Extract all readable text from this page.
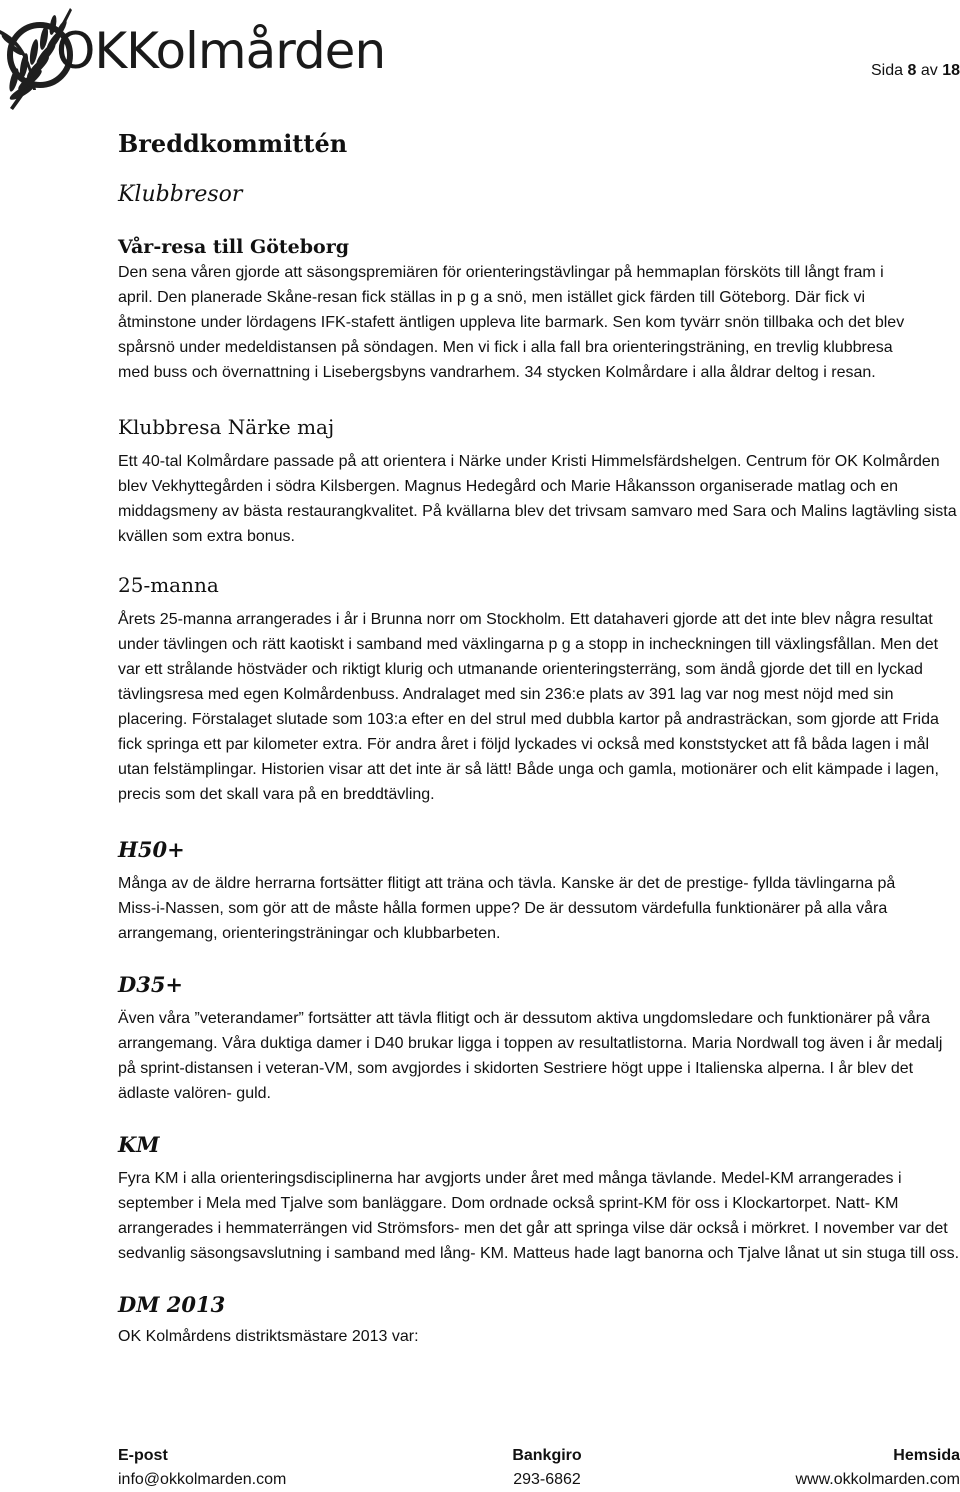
OKKolmården	Sida 8 av 18
Breddkommittén
Klubbresor
Vår-resa till Göteborg

Den sena våren gjorde att säsongspremiären för orienteringstävlingar på hemmaplan försköts till långt fram i april. Den planerade Skåne-resan fick ställas in p g a snö, men istället gick färden till Göteborg. Där fick vi åtminstone under lördagens IFK-stafett äntligen uppleva lite barmark. Sen kom tyvärr snön tillbaka och det blev spårsnö under medeldistansen på söndagen. Men vi fick i alla fall bra orienteringsträning, en trevlig klubbresa med buss och övernattning i Lisebergsbyns vandrarhem. 34 stycken Kolmårdare i alla åldrar deltog i resan.

Klubbresa Närke maj

Ett 40-tal Kolmårdare passade på att orientera i Närke under Kristi Himmelsfärdshelgen. Centrum för OK Kolmården blev Vekhyttegården i södra Kilsbergen. Magnus Hedegård och Marie Håkansson organiserade matlag och en middagsmeny av bästa restaurangkvalitet. På kvällarna blev det trivsam samvaro med Sara och Malins lagtävling sista kvällen som extra bonus.

25-manna

Årets 25-manna arrangerades i år i Brunna norr om Stockholm. Ett datahaveri gjorde att det inte blev några resultat under tävlingen och rätt kaotiskt i samband med växlingarna p g a stopp in incheckningen till växlingsfållan. Men det var ett strålande höstväder och riktigt klurig och utmanande orienteringsterräng, som ändå gjorde det till en lyckad tävlingsresa med egen Kolmårdenbuss. Andralaget med sin 236:e plats av 391 lag var nog mest nöjd med sin placering. Förstalaget slutade som 103:a efter en del strul med dubbla kartor på andrasträckan, som gjorde att Frida fick springa ett par kilometer extra. För andra året i följd lyckades vi också med konststycket att få båda lagen i mål utan felstämplingar. Historien visar att det inte är så lätt! Både unga och gamla, motionärer och elit kämpade i lagen, precis som det skall vara på en breddtävling.

H50+

Många av de äldre herrarna fortsätter flitigt att träna och tävla. Kanske är det de prestige- fyllda tävlingarna på Miss-i-Nassen, som gör att de måste hålla formen uppe? De är dessutom värdefulla funktionärer på alla våra arrangemang, orienteringsträningar och klubbarbeten.

D35+

Även våra ”veterandamer” fortsätter att tävla flitigt och är dessutom aktiva ungdomsledare och funktionärer på våra arrangemang. Våra duktiga damer i D40 brukar ligga i toppen av resultatlistorna. Maria Nordwall tog även i år medalj på sprint-distansen i veteran-VM, som avgjordes i skidorten Sestriere högt uppe i Italienska alperna. I år blev det ädlaste valören- guld.

KM

Fyra KM i alla orienteringsdisciplinerna har avgjorts under året med många tävlande. Medel-KM arrangerades i september i Mela med Tjalve som banläggare. Dom ordnade också sprint-KM för oss i Klockartorpet. Natt- KM arrangerades i hemmaterrängen vid Strömsfors- men det går att springa vilse där också i mörkret. I november var det sedvanlig säsongsavslutning i samband med lång- KM. Matteus hade lagt banorna och Tjalve lånat ut sin stuga till oss.

DM 2013

OK Kolmårdens distriktsmästare 2013 var:

E-post
info@okkolmarden.com
Bankgiro
293-6862
Hemsida
www.okkolmarden.com
